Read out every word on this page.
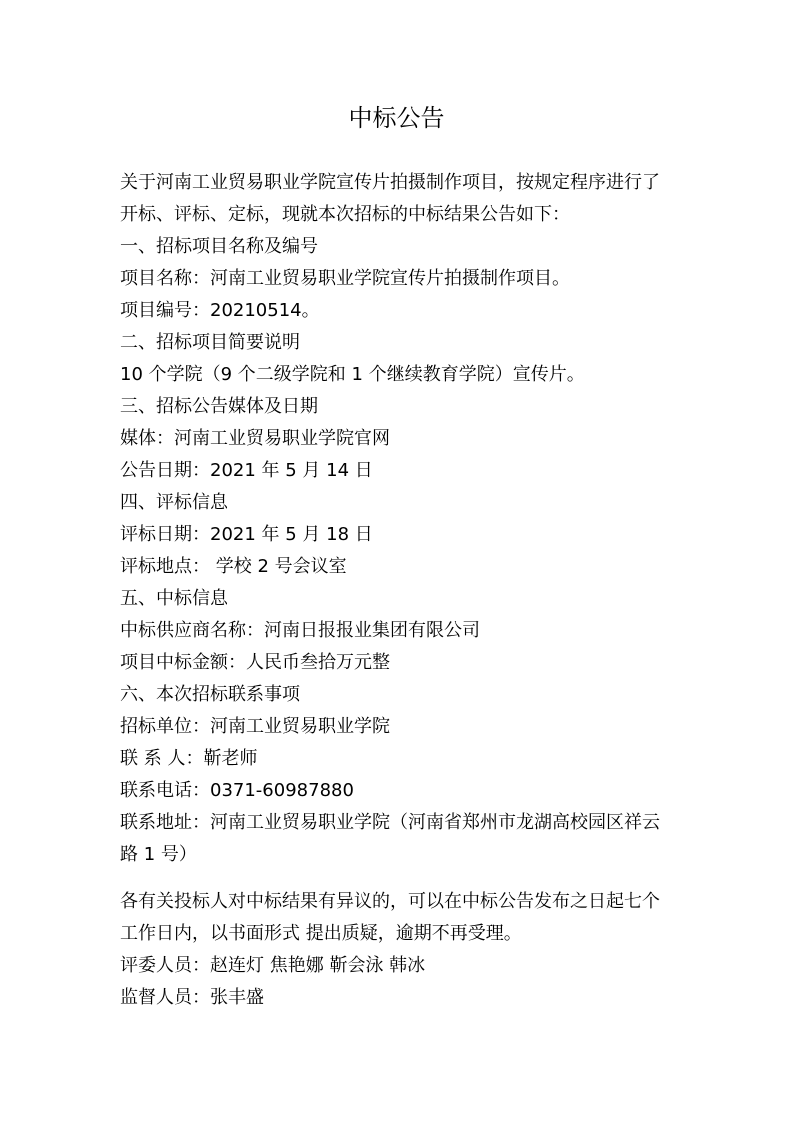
中标公告
关于河南工业贸易职业学院宣传片拍摄制作项目，按规定程序进行了开标、评标、定标，现就本次招标的中标结果公告如下：
一、招标项目名称及编号
项目名称：河南工业贸易职业学院宣传片拍摄制作项目。
项目编号：20210514。
二、招标项目简要说明
10 个学院（9 个二级学院和 1 个继续教育学院）宣传片。
三、招标公告媒体及日期
媒体：河南工业贸易职业学院官网
公告日期：2021 年 5 月 14 日
四、评标信息
评标日期：2021 年 5 月 18 日
评标地点： 学校 2 号会议室
五、中标信息
中标供应商名称：河南日报报业集团有限公司
项目中标金额：人民币叁拾万元整
六、本次招标联系事项
招标单位：河南工业贸易职业学院
联 系 人：靳老师
联系电话：0371-60987880
联系地址：河南工业贸易职业学院（河南省郑州市龙湖高校园区祥云路 1 号）
各有关投标人对中标结果有异议的，可以在中标公告发布之日起七个工作日内，以书面形式 提出质疑，逾期不再受理。
评委人员：赵连灯 焦艳娜 靳会泳 韩冰
监督人员：张丰盛
